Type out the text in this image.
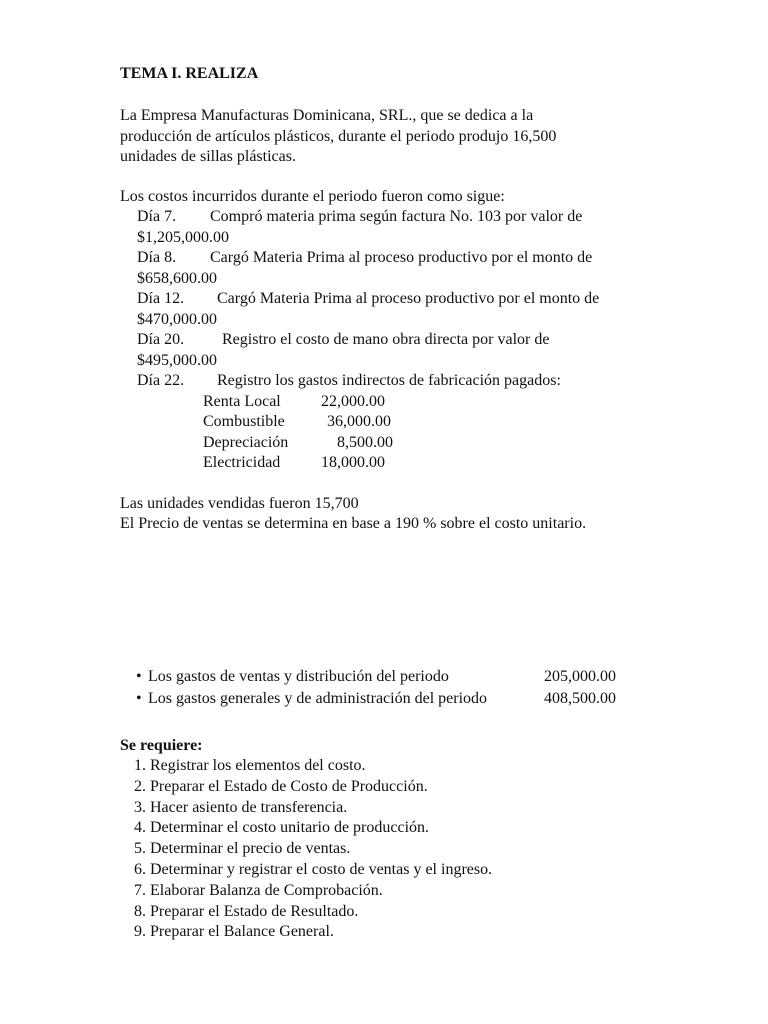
TEMA I. REALIZA
La Empresa Manufacturas Dominicana, SRL., que se dedica a la
producción de artículos plásticos, durante el periodo produjo 16,500
unidades de sillas plásticas.
Los costos incurridos durante el periodo fueron como sigue:
Día 7. Compró materia prima según factura No. 103 por valor de
$1,205,000.00
Día 8. Cargó Materia Prima al proceso productivo por el monto de
$658,600.00
Día 12. Cargó Materia Prima al proceso productivo por el monto de
$470,000.00
Día 20. Registro el costo de mano obra directa por valor de
$495,000.00
Día 22. Registro los gastos indirectos de fabricación pagados:
Renta Local	22,000.00
Combustible	36,000.00
Depreciación	8,500.00
Electricidad	18,000.00
Las unidades vendidas fueron 15,700
El Precio de ventas se determina en base a 190 % sobre el costo unitario.
• Los gastos de ventas y distribución del periodo	205,000.00
• Los gastos generales y de administración del periodo	408,500.00
Se requiere:
1. Registrar los elementos del costo.
2. Preparar el Estado de Costo de Producción.
3. Hacer asiento de transferencia.
4. Determinar el costo unitario de producción.
5. Determinar el precio de ventas.
6. Determinar y registrar el costo de ventas y el ingreso.
7. Elaborar Balanza de Comprobación.
8. Preparar el Estado de Resultado.
9. Preparar el Balance General.
